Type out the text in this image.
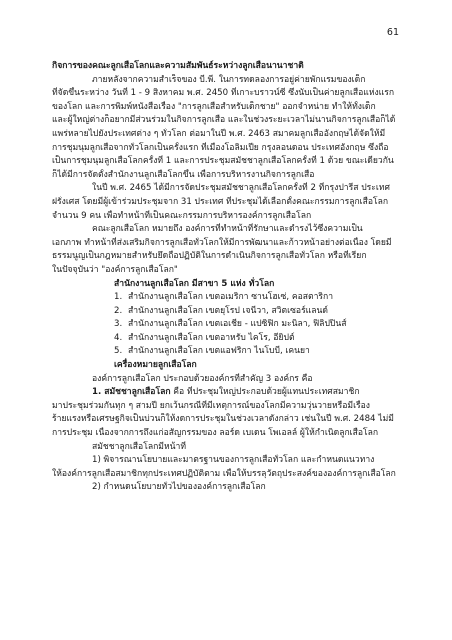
61

กิจการของคณะลูกเสือโลกและความสัมพันธ์ระหว่างลูกเสือนานาชาติ

ภายหลังจากความสำเร็จของ บี.พี. ในการทดลองการอยู่ค่ายพักแรมของเด็ก

ที่จัดขึ้นระหว่าง วันที่ 1 - 9 สิงหาคม พ.ศ. 2450 ที่เกาะบราวน์ซี ซึ่งนับเป็นค่ายลูกเสือแห่งแรก

ของโลก และการพิมพ์หนังสือเรื่อง "การลูกเสือสำหรับเด็กชาย" ออกจำหน่าย ทำให้ทั้งเด็ก

และผู้ใหญ่ต่างก็อยากมีส่วนร่วมในกิจการลูกเสือ และในช่วงระยะเวลาไม่นานกิจการลูกเสือก็ได้

แพร่หลายไปยังประเทศต่าง ๆ ทั่วโลก ต่อมาในปี พ.ศ. 2463 สมาคมลูกเสืออังกฤษได้จัดให้มี

การชุมนุมลูกเสือจากทั่วโลกเป็นครั้งแรก ที่เมืองโอลิมเปีย กรุงลอนดอน ประเทศอังกฤษ ซึ่งถือ

เป็นการชุมนุมลูกเสือโลกครั้งที่ 1 และการประชุมสมัชชาลูกเสือโลกครั้งที่ 1 ด้วย ขณะเดียวกัน

ก็ได้มีการจัดตั้งสำนักงานลูกเสือโลกขึ้น เพื่อการบริหารงานกิจการลูกเสือ

ในปี พ.ศ. 2465 ได้มีการจัดประชุมสมัชชาลูกเสือโลกครั้งที่ 2 ที่กรุงปารีส ประเทศ

ฝรั่งเศส โดยมีผู้เข้าร่วมประชุมจาก 31 ประเทศ ที่ประชุมได้เลือกตั้งคณะกรรมการลูกเสือโลก

จำนวน 9 คน เพื่อทำหน้าที่เป็นคณะกรรมการบริหารองค์การลูกเสือโลก

คณะลูกเสือโลก หมายถึง องค์การที่ทำหน้าที่รักษาและดำรงไว้ซึ่งความเป็น

เอกภาพ ทำหน้าที่ส่งเสริมกิจการลูกเสือทั่วโลกให้มีการพัฒนาและก้าวหน้าอย่างต่อเนื่อง โดยมี

ธรรมนูญเป็นกฎหมายสำหรับยึดถือปฏิบัติในการดำเนินกิจการลูกเสือทั่วโลก หรือที่เรียก

ในปัจจุบันว่า "องค์การลูกเสือโลก"

สำนักงานลูกเสือโลก มีสาขา 5 แห่ง ทั่วโลก

1. สำนักงานลูกเสือโลก เขตอเมริกา ซานโฮเซ่, คอสตาริกา

2. สำนักงานลูกเสือโลก เขตยุโรป เจนีวา, สวิตเซอร์แลนด์

3. สำนักงานลูกเสือโลก เขตเอเชีย - แปซิฟิก มะนิลา, ฟิลิปปินส์

4. สำนักงานลูกเสือโลก เขตอาหรับ ไคโร, อียิปต์

5. สำนักงานลูกเสือโลก เขตแอฟริกา ไนโบบี, เคนยา

เครื่องหมายลูกเสือโลก

องค์การลูกเสือโลก ประกอบด้วยองค์กรที่สำคัญ 3 องค์กร คือ

1. สมัชชาลูกเสือโลก คือ ที่ประชุมใหญ่ประกอบด้วยผู้แทนประเทศสมาชิก

มาประชุมร่วมกันทุก ๆ สามปี ยกเว้นกรณีที่มีเหตุการณ์ของโลกมีความวุ่นวายหรือมีเรื่อง

ร้ายแรงหรือเศรษฐกิจเป็นบ่วนก็ให้งดการประชุมในช่วงเวลาดังกล่าว เช่นในปี พ.ศ. 2484 ไม่มี

การประชุม เนื่องจากการถึงแก่อสัญกรรมของ ลอร์ด เบเดน โพเอลล์ ผู้ให้กำเนิดลูกเสือโลก

สมัชชาลูกเสือโลกมีหน้าที่

1) พิจารณานโยบายและมาตรฐานของการลูกเสือทั่วโลก และกำหนดแนวทาง

ให้องค์การลูกเสือสมาชิกทุกประเทศปฏิบัติตาม เพื่อให้บรรลุวัตถุประสงค์ขององค์การลูกเสือโลก

2) กำหนดนโยบายทั่วไปขององค์การลูกเสือโลก
